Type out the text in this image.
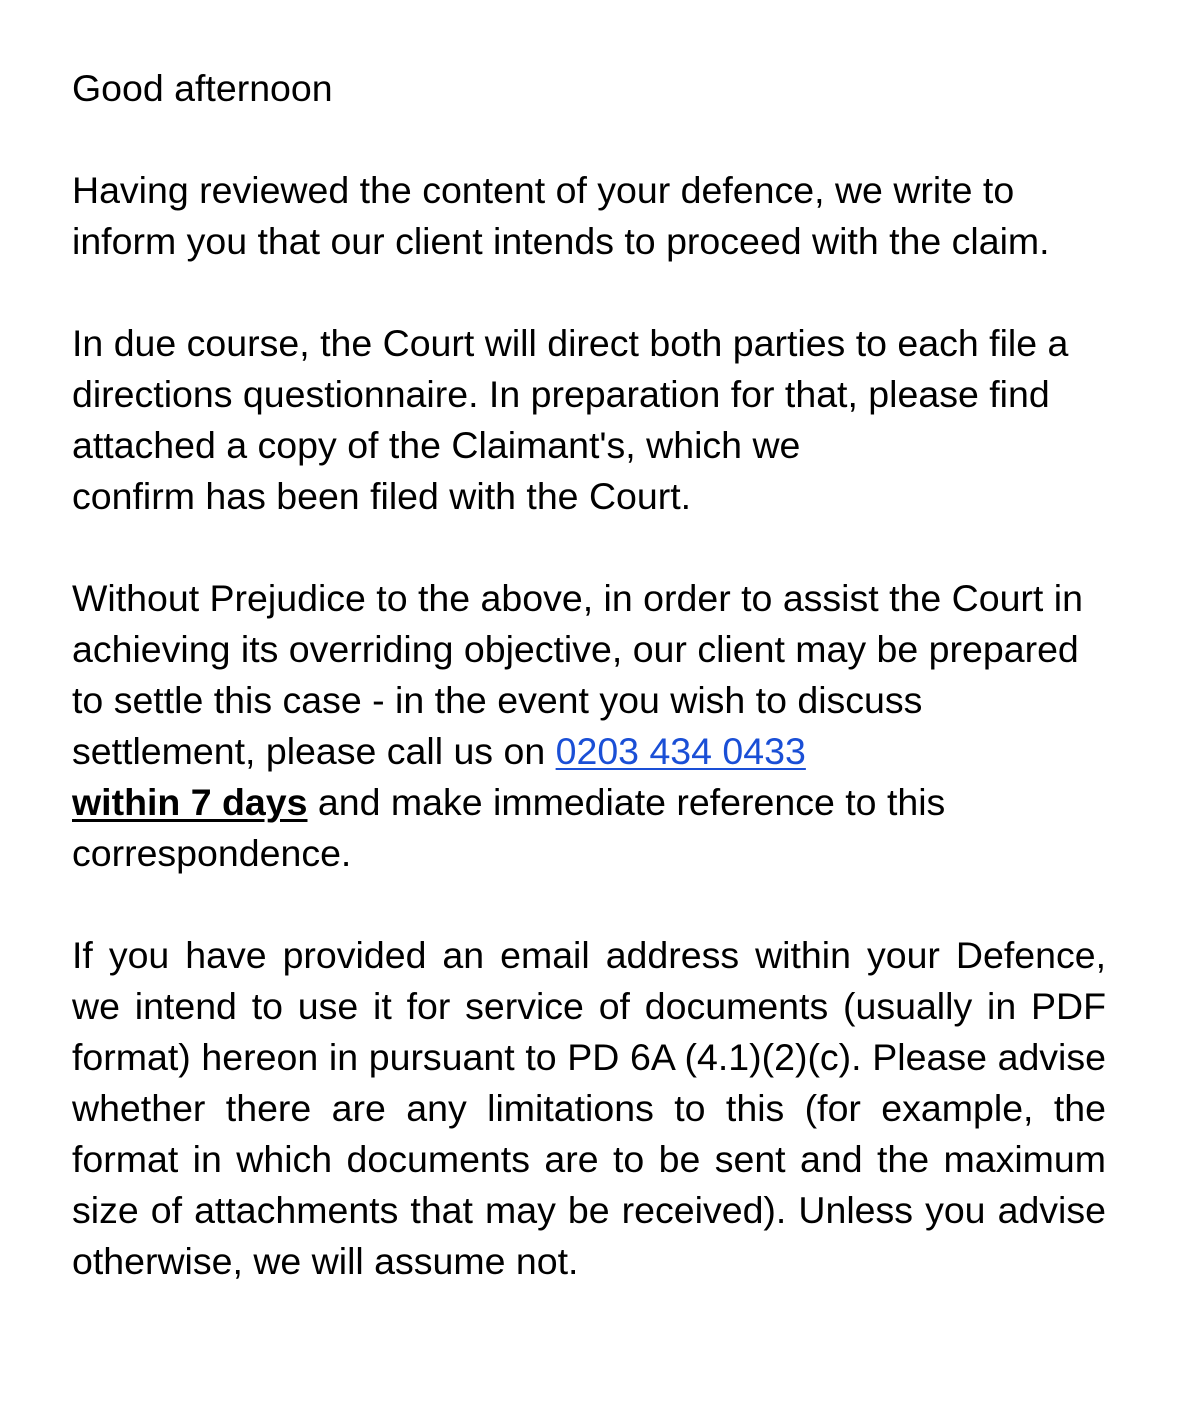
Good afternoon

Having reviewed the content of your defence, we write to inform you that our client intends to proceed with the claim.

In due course, the Court will direct both parties to each file a directions questionnaire. In preparation for that, please find attached a copy of the Claimant's, which we
confirm has been filed with the Court.

Without Prejudice to the above, in order to assist the Court in achieving its overriding objective, our client may be prepared to settle this case - in the event you wish to discuss settlement, please call us on 0203 434 0433
within 7 days and make immediate reference to this correspondence.

If you have provided an email address within your Defence, we intend to use it for service of documents (usually in PDF format) hereon in pursuant to PD 6A (4.1)(2)(c). Please advise whether there are any limitations to this (for example, the format in which documents are to be sent and the maximum size of attachments that may be received). Unless you advise otherwise, we will assume not.
